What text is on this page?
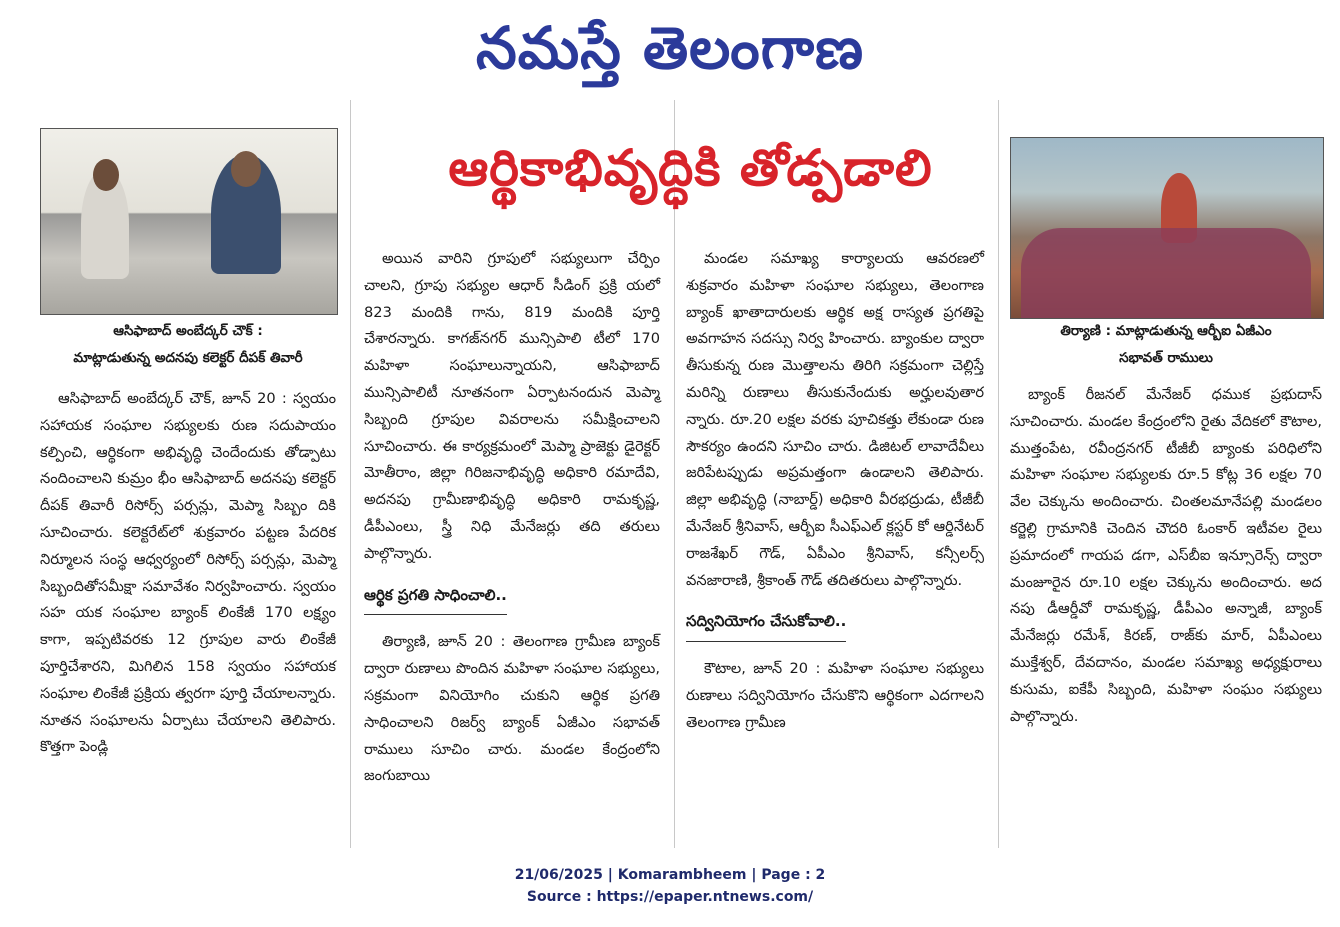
నమస్తే తెలంగాణ
ఆసిఫాబాద్ అంబేద్కర్ చౌక్ :
మాట్లాడుతున్న అదనపు కలెక్టర్ దీపక్ తివారీ
ఆర్థికాభివృద్ధికి తోడ్పడాలి
తిర్యాణి : మాట్లాడుతున్న ఆర్బీఐ ఏజీఎం
సభావత్ రాములు

ఆసిఫాబాద్ అంబేద్కర్ చౌక్, జూన్ 20 : స్వయం సహాయక సంఘాల సభ్యులకు రుణ సదుపాయం కల్పించి, ఆర్థికంగా అభివృద్ధి చెందేందుకు తోడ్పాటు నందించాలని కుమ్రం భీం ఆసిఫాబాద్ అదనపు కలెక్టర్ దీపక్ తివారీ రిసోర్స్ పర్సన్లు, మెప్మా సిబ్బం దికి సూచించారు. కలెక్టరేట్‌లో శుక్రవారం పట్టణ పేదరిక నిర్మూలన సంస్థ ఆధ్వర్యంలో రిసోర్స్ పర్సన్లు, మెప్మా సిబ్బందితోసమీక్షా సమావేశం నిర్వహించారు. స్వయం సహ యక సంఘాల బ్యాంక్ లింకేజీ 170 లక్ష్యం కాగా, ఇప్పటివరకు 12 గ్రూపుల వారు లింకేజీ పూర్తిచేశారని, మిగిలిన 158 స్వయం సహాయక సంఘాల లింకేజీ ప్రక్రియ త్వరగా పూర్తి చేయాలన్నారు. నూతన సంఘాలను ఏర్పాటు చేయాలని తెలిపారు. కొత్తగా పెండ్లి

అయిన వారిని గ్రూపులో సభ్యులుగా చేర్పిం చాలని, గ్రూపు సభ్యుల ఆధార్ సీడింగ్ ప్రక్రి యలో 823 మందికి గాను, 819 మందికి పూర్తి చేశారన్నారు. కాగజ్‌నగర్ మున్సిపాలి టీలో 170 మహిళా సంఘాలున్నాయని, ఆసిఫాబాద్ మున్సిపాలిటీ నూతనంగా ఏర్పాటనందున మెప్మా సిబ్బంది గ్రూపుల వివరాలను సమీక్షించాలని సూచించారు. ఈ కార్యక్రమంలో మెప్మా ప్రాజెక్టు డైరెక్టర్ మోతీరాం, జిల్లా గిరిజనాభివృద్ధి అధికారి రమాదేవి, అదనపు గ్రామీణాభివృద్ధి అధికారి రామకృష్ణ, డీపీఎంలు, స్త్రీ నిధి మేనేజర్లు తది తరులు పాల్గొన్నారు.

ఆర్థిక ప్రగతి సాధించాలి..

తిర్యాణి, జూన్ 20 : తెలంగాణ గ్రామీణ బ్యాంక్ ద్వారా రుణాలు పొందిన మహిళా సంఘాల సభ్యులు, సక్రమంగా వినియోగిం చుకుని ఆర్థిక ప్రగతి సాధించాలని రిజర్వ్ బ్యాంక్ ఏజీఎం సభావత్ రాములు సూచిం చారు. మండల కేంద్రంలోని జంగుబాయి

మండల సమాఖ్య కార్యాలయ ఆవరణలో శుక్రవారం మహిళా సంఘాల సభ్యులు, తెలంగాణ బ్యాంక్ ఖాతాదారులకు ఆర్థిక అక్ష రాస్యత ప్రగతిపై అవగాహన సదస్సు నిర్వ హించారు. బ్యాంకుల ద్వారా తీసుకున్న రుణ మొత్తాలను తిరిగి సక్రమంగా చెల్లిస్తే మరిన్ని రుణాలు తీసుకునేందుకు అర్హులవుతార న్నారు. రూ.20 లక్షల వరకు పూచికత్తు లేకుండా రుణ సౌకర్యం ఉందని సూచిం చారు. డిజిటల్ లావాదేవీలు జరిపేటప్పుడు అప్రమత్తంగా ఉండాలని తెలిపారు. జిల్లా అభివృద్ధి (నాబార్డ్) అధికారి వీరభద్రుడు, టీజీబీ మేనేజర్ శ్రీనివాస్, ఆర్బీఐ సీఎఫ్ఎల్ క్లస్టర్ కో ఆర్డినేటర్ రాజశేఖర్ గౌడ్, ఏపీఎం శ్రీనివాస్, కన్సీలర్స్ వనజారాణి, శ్రీకాంత్ గౌడ్ తదితరులు పాల్గొన్నారు.

సద్వినియోగం చేసుకోవాలి..

కౌటాల, జూన్ 20 : మహిళా సంఘాల సభ్యులు రుణాలు సద్వినియోగం చేసుకొని ఆర్థికంగా ఎదగాలని తెలంగాణ గ్రామీణ

బ్యాంక్ రీజనల్ మేనేజర్ ధముక ప్రభుదాస్ సూచించారు. మండల కేంద్రంలోని రైతు వేదికలో కౌటాల, ముత్తంపేట, రవీంద్రనగర్ టీజీబీ బ్యాంకు పరిధిలోని మహిళా సంఘాల సభ్యులకు రూ.5 కోట్ల 36 లక్షల 70 వేల చెక్కును అందించారు. చింతలమానేపల్లి మండలం కర్జెల్లి గ్రామానికి చెందిన చౌదరి ఓంకార్ ఇటీవల రైలు ప్రమాదంలో గాయప డగా, ఎస్‌బీఐ ఇన్సూరెన్స్ ద్వారా మంజూరైన రూ.10 లక్షల చెక్కును అందించారు. అద నపు డీఆర్డీవో రామకృష్ణ, డీపీఎం అన్నాజీ, బ్యాంక్ మేనేజర్లు రమేశ్, కిరణ్, రాజ్‌కు మార్, ఏపీఎంలు ముక్తేశ్వర్, దేవదానం, మండల సమాఖ్య అధ్యక్షురాలు కుసుమ, ఐకేపీ సిబ్బంది, మహిళా సంఘం సభ్యులు పాల్గొన్నారు.

21/06/2025 | Komarambheem | Page : 2
Source : https://epaper.ntnews.com/
